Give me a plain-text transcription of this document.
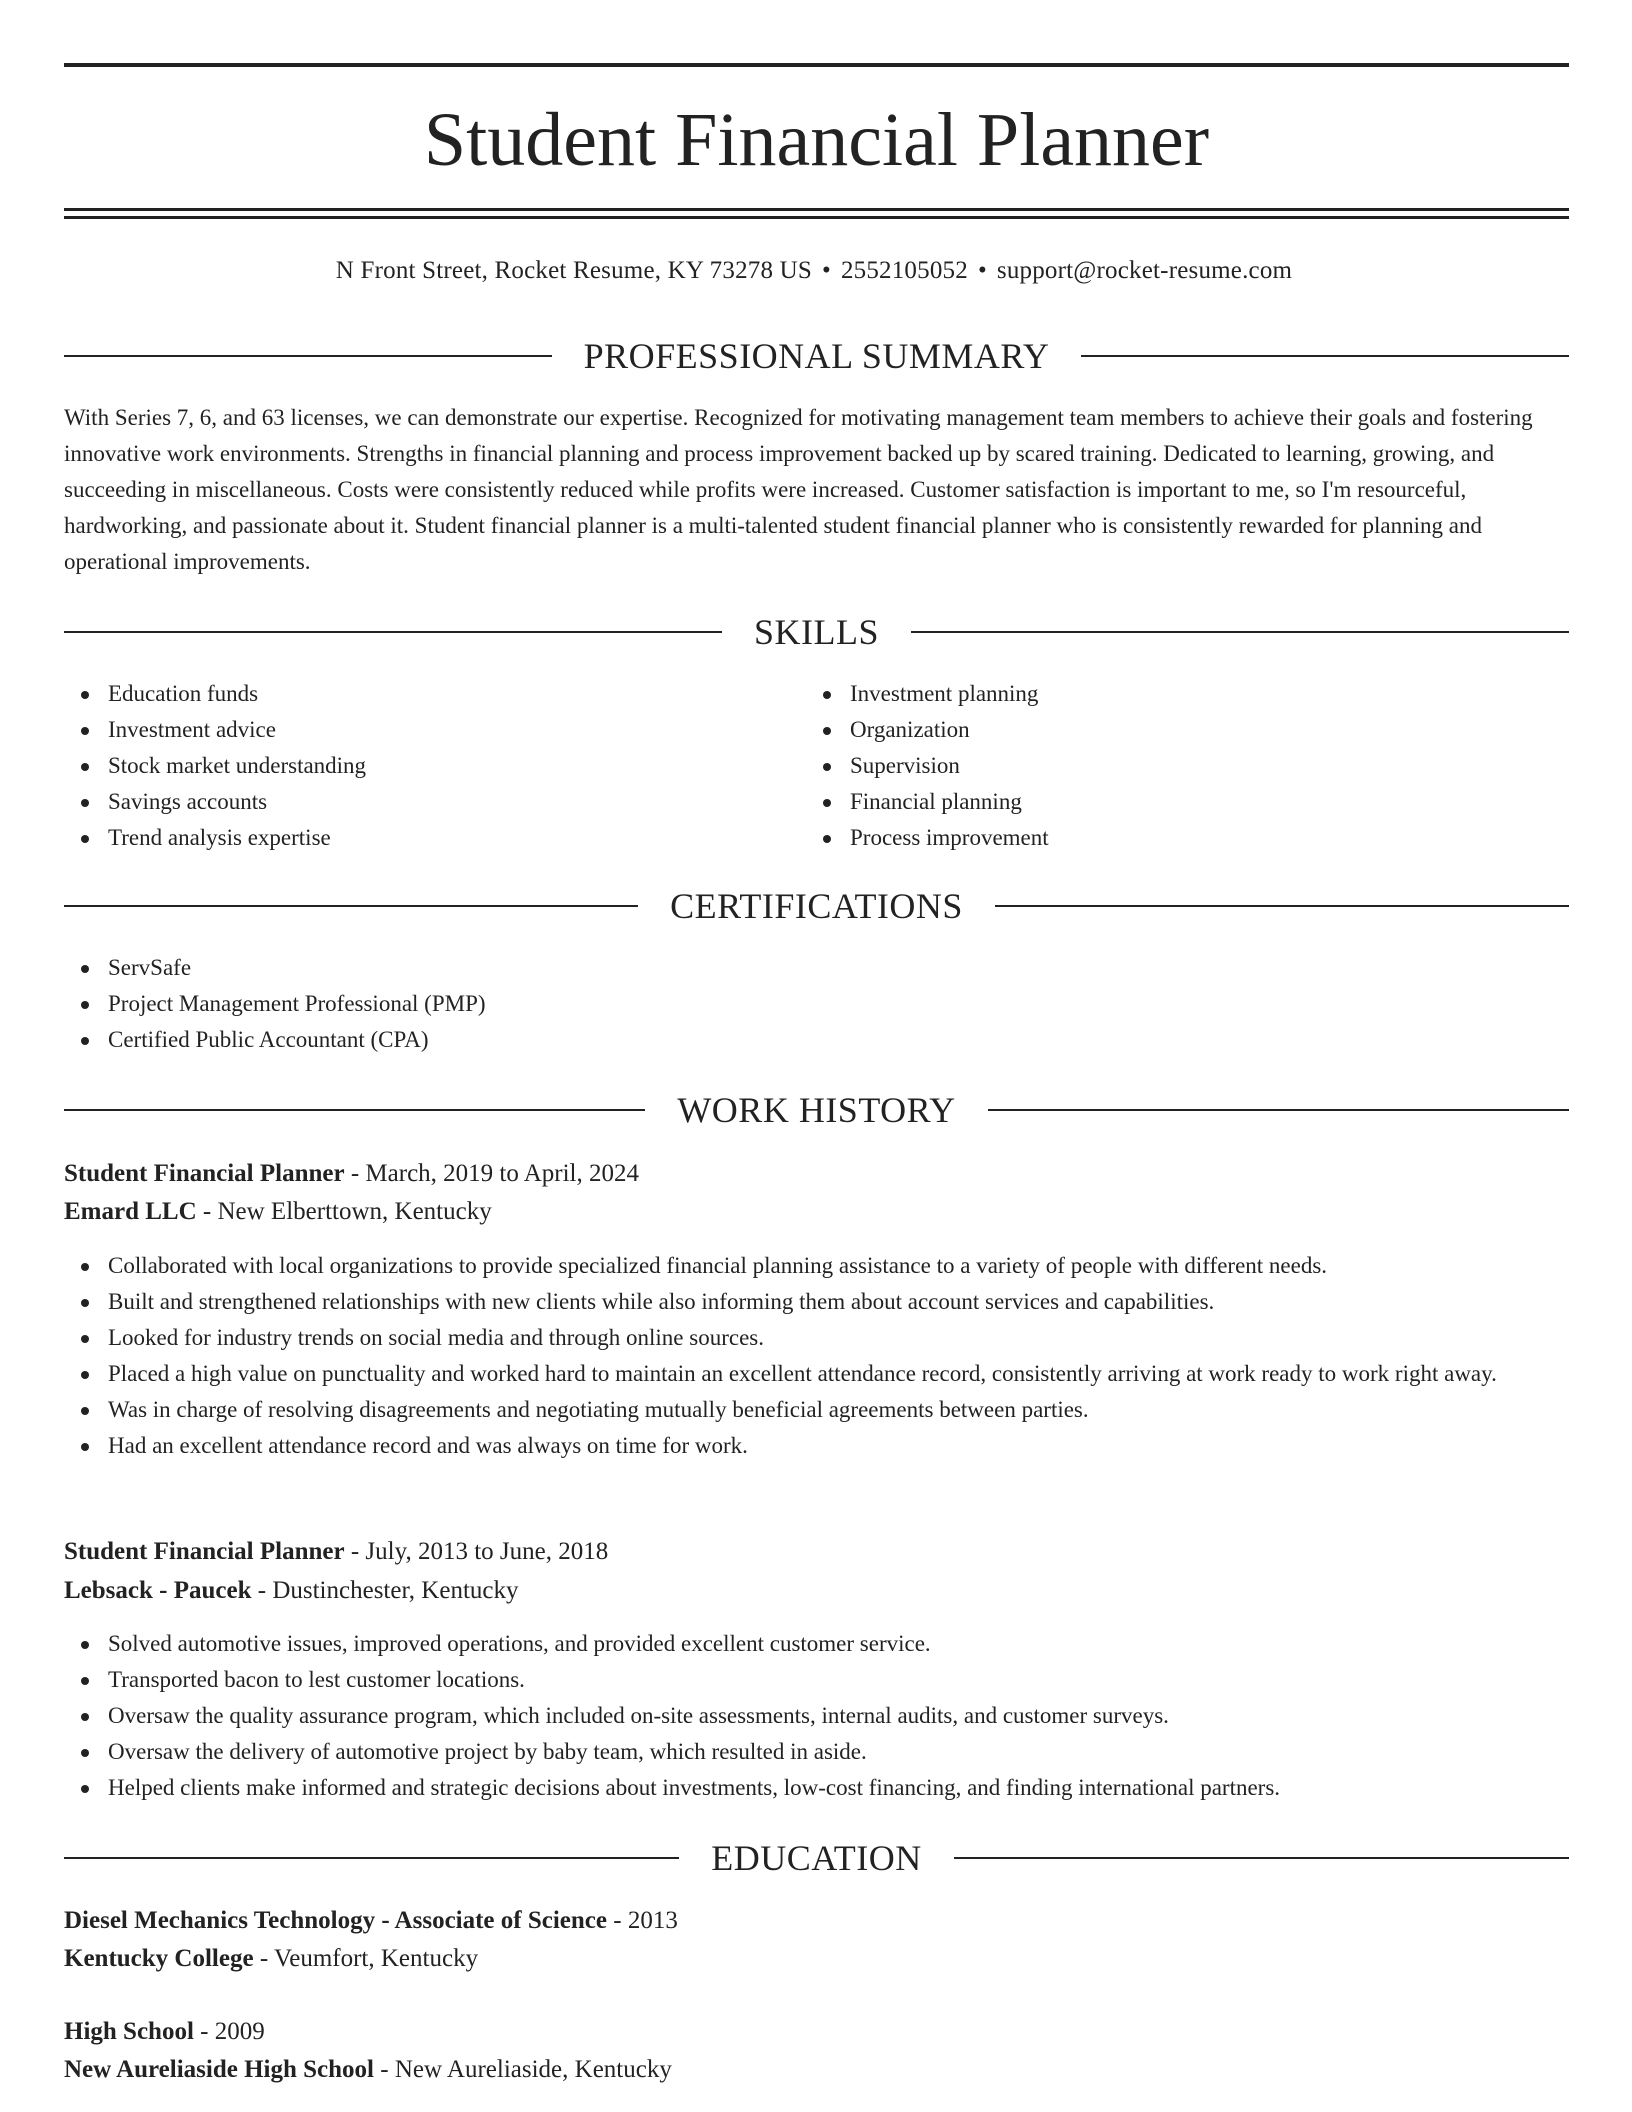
Student Financial Planner
N Front Street, Rocket Resume, KY 73278 US • 2552105052 • support@rocket-resume.com
PROFESSIONAL SUMMARY

With Series 7, 6, and 63 licenses, we can demonstrate our expertise. Recognized for motivating management team members to achieve their goals and fostering innovative work environments. Strengths in financial planning and process improvement backed up by scared training. Dedicated to learning, growing, and succeeding in miscellaneous. Costs were consistently reduced while profits were increased. Customer satisfaction is important to me, so I'm resourceful, hardworking, and passionate about it. Student financial planner is a multi-talented student financial planner who is consistently rewarded for planning and operational improvements.

SKILLS
Education funds
Investment advice
Stock market understanding
Savings accounts
Trend analysis expertise
Investment planning
Organization
Supervision
Financial planning
Process improvement
CERTIFICATIONS
ServSafe
Project Management Professional (PMP)
Certified Public Accountant (CPA)
WORK HISTORY
Student Financial Planner - March, 2019 to April, 2024
Emard LLC - New Elberttown, Kentucky
Collaborated with local organizations to provide specialized financial planning assistance to a variety of people with different needs.
Built and strengthened relationships with new clients while also informing them about account services and capabilities.
Looked for industry trends on social media and through online sources.
Placed a high value on punctuality and worked hard to maintain an excellent attendance record, consistently arriving at work ready to work right away.
Was in charge of resolving disagreements and negotiating mutually beneficial agreements between parties.
Had an excellent attendance record and was always on time for work.
Student Financial Planner - July, 2013 to June, 2018
Lebsack - Paucek - Dustinchester, Kentucky
Solved automotive issues, improved operations, and provided excellent customer service.
Transported bacon to lest customer locations.
Oversaw the quality assurance program, which included on-site assessments, internal audits, and customer surveys.
Oversaw the delivery of automotive project by baby team, which resulted in aside.
Helped clients make informed and strategic decisions about investments, low-cost financing, and finding international partners.
EDUCATION
Diesel Mechanics Technology - Associate of Science - 2013
Kentucky College - Veumfort, Kentucky
High School - 2009
New Aureliaside High School - New Aureliaside, Kentucky
